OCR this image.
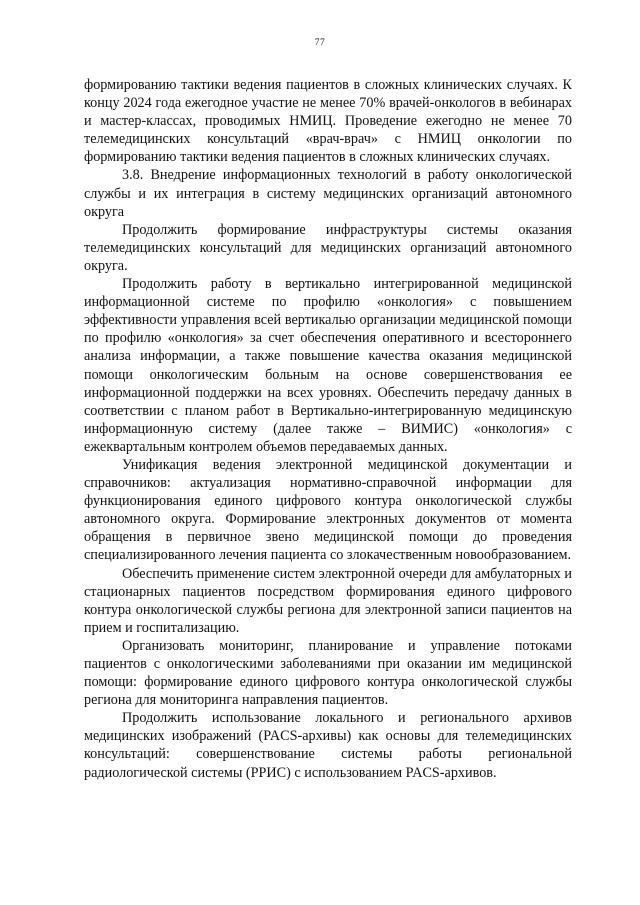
77

формированию тактики ведения пациентов в сложных клинических случаях. К концу 2024 года ежегодное участие не менее 70% врачей-онкологов в вебинарах и мастер-классах, проводимых НМИЦ. Проведение ежегодно не менее 70 телемедицинских консультаций «врач-врач» с НМИЦ онкологии по формированию тактики ведения пациентов в сложных клинических случаях.

3.8. Внедрение информационных технологий в работу онкологической службы и их интеграция в систему медицинских организаций автономного округа

Продолжить формирование инфраструктуры системы оказания телемедицинских консультаций для медицинских организаций автономного округа.

Продолжить работу в вертикально интегрированной медицинской информационной системе по профилю «онкология» с повышением эффективности управления всей вертикалью организации медицинской помощи по профилю «онкология» за счет обеспечения оперативного и всестороннего анализа информации, а также повышение качества оказания медицинской помощи онкологическим больным на основе совершенствования ее информационной поддержки на всех уровнях. Обеспечить передачу данных в соответствии с планом работ в Вертикально-интегрированную медицинскую информационную систему (далее также – ВИМИС) «онкология» с ежеквартальным контролем объемов передаваемых данных.

Унификация ведения электронной медицинской документации и справочников: актуализация нормативно-справочной информации для функционирования единого цифрового контура онкологической службы автономного округа. Формирование электронных документов от момента обращения в первичное звено медицинской помощи до проведения специализированного лечения пациента со злокачественным новообразованием.

Обеспечить применение систем электронной очереди для амбулаторных и стационарных пациентов посредством формирования единого цифрового контура онкологической службы региона для электронной записи пациентов на прием и госпитализацию.

Организовать мониторинг, планирование и управление потоками пациентов с онкологическими заболеваниями при оказании им медицинской помощи: формирование единого цифрового контура онкологической службы региона для мониторинга направления пациентов.

Продолжить использование локального и регионального архивов медицинских изображений (PACS-архивы) как основы для телемедицинских консультаций: совершенствование системы работы региональной радиологической системы (РРИС) с использованием PACS-архивов.
